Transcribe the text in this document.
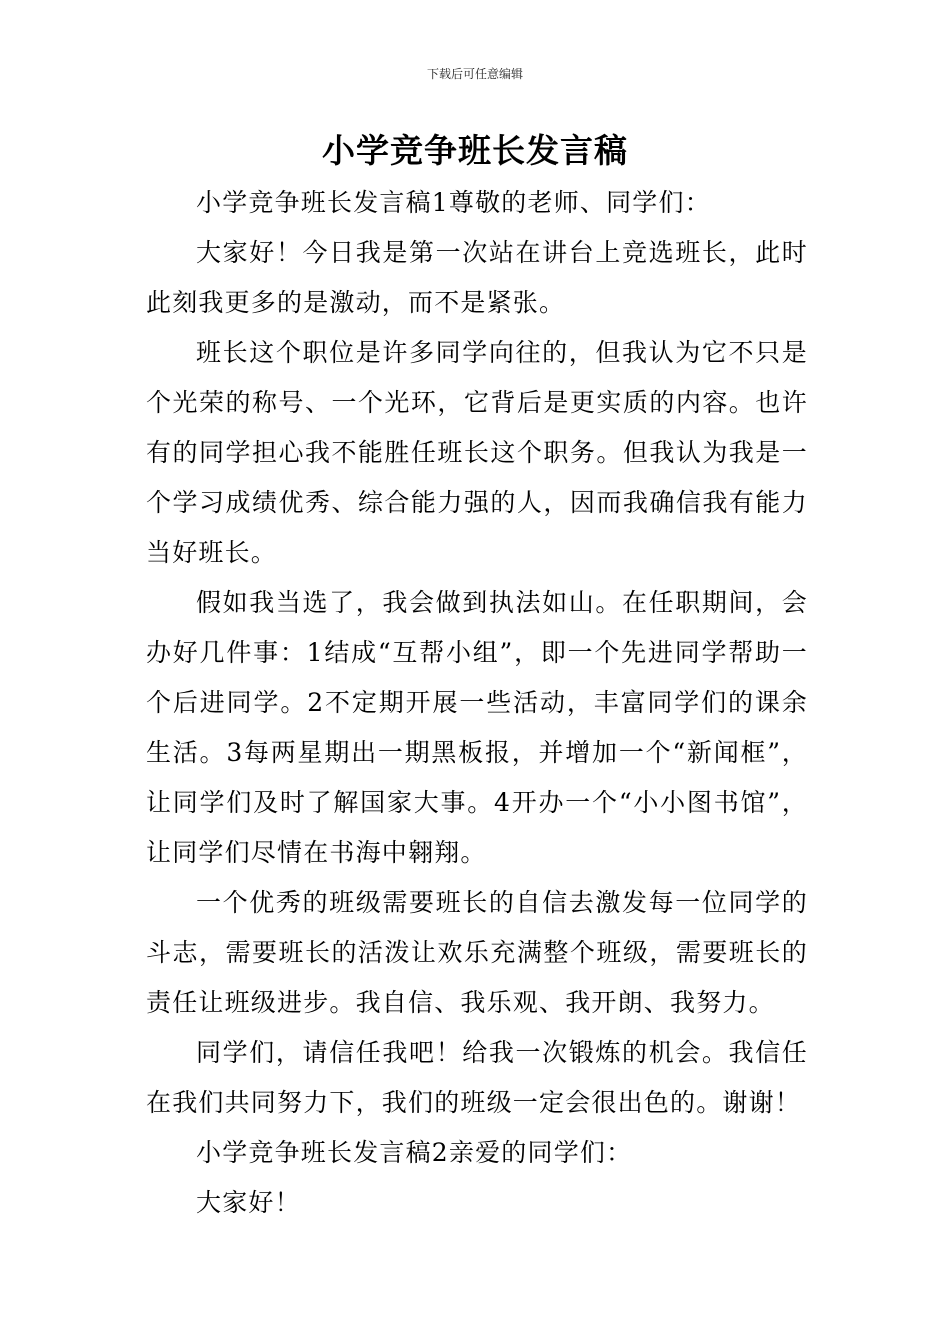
下载后可任意编辑
小学竞争班长发言稿

小学竞争班长发言稿1尊敬的老师、同学们：

大家好！今日我是第一次站在讲台上竞选班长，此时此刻我更多的是激动，而不是紧张。

班长这个职位是许多同学向往的，但我认为它不只是个光荣的称号、一个光环，它背后是更实质的内容。也许有的同学担心我不能胜任班长这个职务。但我认为我是一个学习成绩优秀、综合能力强的人，因而我确信我有能力当好班长。

假如我当选了，我会做到执法如山。在任职期间，会办好几件事：1结成“互帮小组”，即一个先进同学帮助一个后进同学。2不定期开展一些活动，丰富同学们的课余生活。3每两星期出一期黑板报，并增加一个“新闻框”，让同学们及时了解国家大事。4开办一个“小小图书馆”，让同学们尽情在书海中翱翔。

一个优秀的班级需要班长的自信去激发每一位同学的斗志，需要班长的活泼让欢乐充满整个班级，需要班长的责任让班级进步。我自信、我乐观、我开朗、我努力。

同学们，请信任我吧！给我一次锻炼的机会。我信任在我们共同努力下，我们的班级一定会很出色的。谢谢！

小学竞争班长发言稿2亲爱的同学们：

大家好！
